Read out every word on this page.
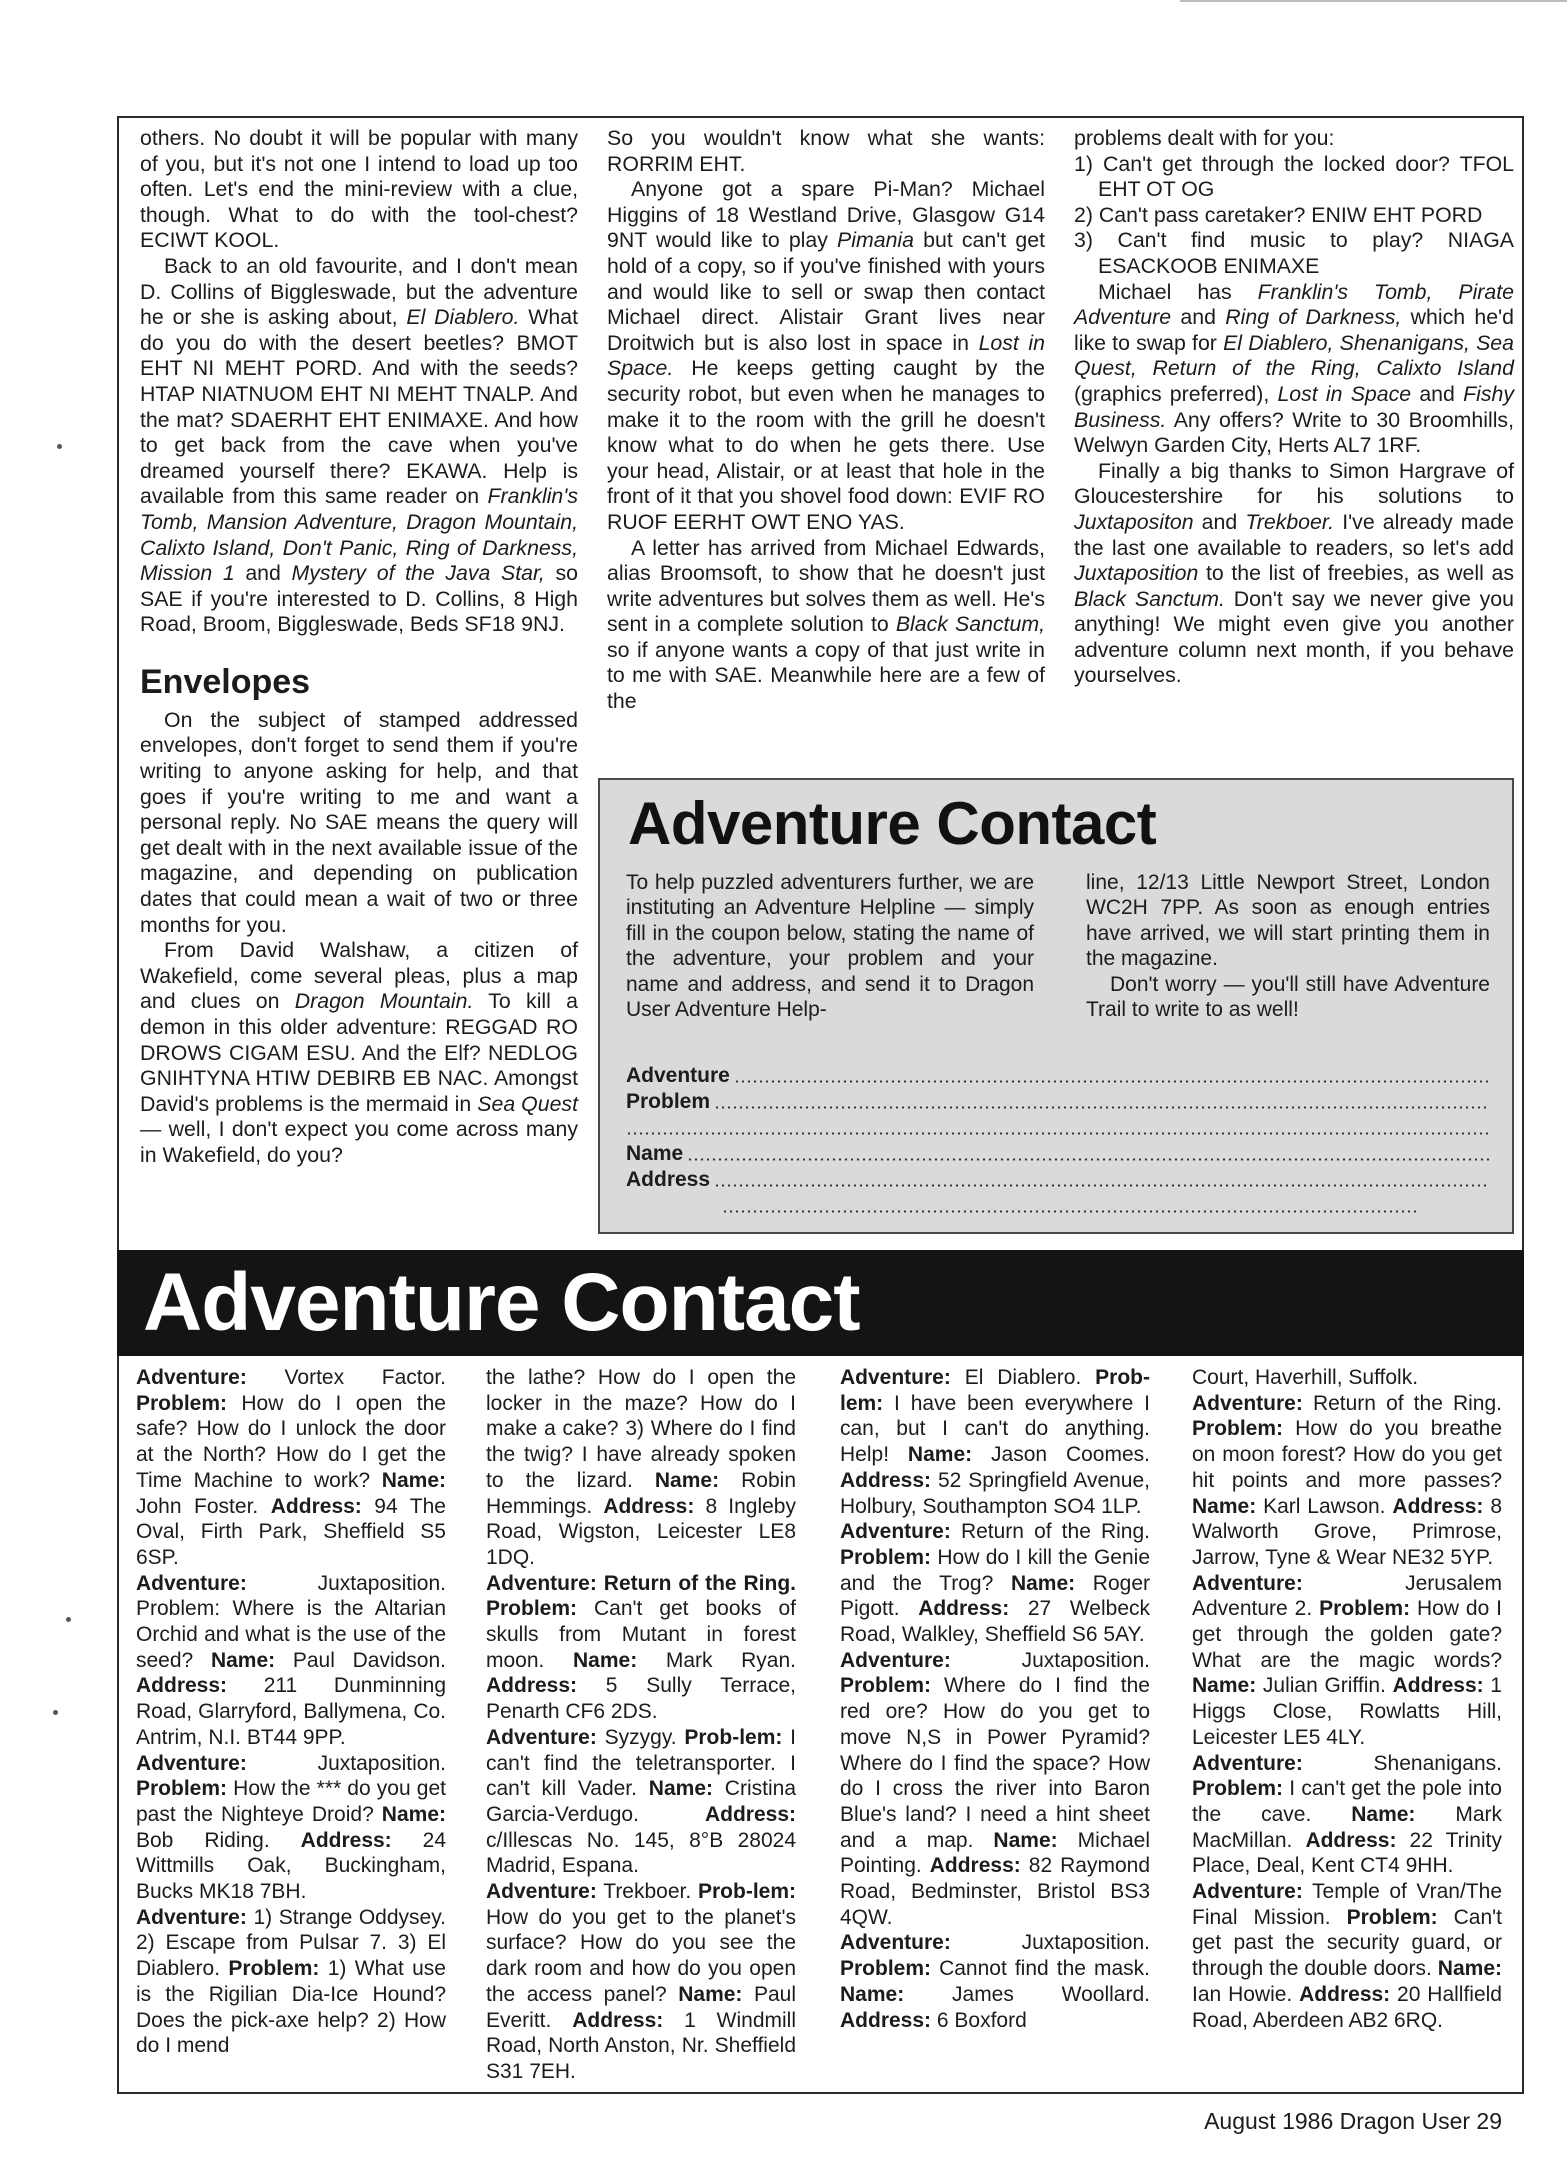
others. No doubt it will be popular with many of you, but it's not one I intend to load up too often. Let's end the mini-review with a clue, though. What to do with the tool-chest? ECIWT KOOL.

Back to an old favourite, and I don't mean D. Collins of Biggleswade, but the adventure he or she is asking about, El Diablero. What do you do with the desert beetles? BMOT EHT NI MEHT PORD. And with the seeds? HTAP NIATNUOM EHT NI MEHT TNALP. And the mat? SDAERHT EHT ENIMAXE. And how to get back from the cave when you've dreamed yourself there? EKAWA. Help is available from this same reader on Franklin's Tomb, Mansion Adventure, Dragon Mountain, Calixto Island, Don't Panic, Ring of Darkness, Mission 1 and Mystery of the Java Star, so SAE if you're interested to D. Collins, 8 High Road, Broom, Biggleswade, Beds SF18 9NJ.

Envelopes

On the subject of stamped addressed envelopes, don't forget to send them if you're writing to anyone asking for help, and that goes if you're writing to me and want a personal reply. No SAE means the query will get dealt with in the next available issue of the magazine, and depending on publication dates that could mean a wait of two or three months for you.

From David Walshaw, a citizen of Wakefield, come several pleas, plus a map and clues on Dragon Mountain. To kill a demon in this older adventure: REGGAD RO DROWS CIGAM ESU. And the Elf? NEDLOG GNIHTYNA HTIW DEBIRB EB NAC. Amongst David's problems is the mermaid in Sea Quest — well, I don't expect you come across many in Wakefield, do you?

So you wouldn't know what she wants: RORRIM EHT.

Anyone got a spare Pi-Man? Michael Higgins of 18 Westland Drive, Glasgow G14 9NT would like to play Pimania but can't get hold of a copy, so if you've finished with yours and would like to sell or swap then contact Michael direct. Alistair Grant lives near Droitwich but is also lost in space in Lost in Space. He keeps getting caught by the security robot, but even when he manages to make it to the room with the grill he doesn't know what to do when he gets there. Use your head, Alistair, or at least that hole in the front of it that you shovel food down: EVIF RO RUOF EERHT OWT ENO YAS.

A letter has arrived from Michael Edwards, alias Broomsoft, to show that he doesn't just write adventures but solves them as well. He's sent in a complete solution to Black Sanctum, so if anyone wants a copy of that just write in to me with SAE. Meanwhile here are a few of the

problems dealt with for you:

1) Can't get through the locked door? TFOL EHT OT OG

2) Can't pass caretaker? ENIW EHT PORD

3) Can't find music to play? NIAGA ESACKOOB ENIMAXE

Michael has Franklin's Tomb, Pirate Adventure and Ring of Darkness, which he'd like to swap for El Diablero, Shenanigans, Sea Quest, Return of the Ring, Calixto Island (graphics preferred), Lost in Space and Fishy Business. Any offers? Write to 30 Broomhills, Welwyn Garden City, Herts AL7 1RF.

Finally a big thanks to Simon Hargrave of Gloucestershire for his solutions to Juxtapositon and Trekboer. I've already made the last one available to readers, so let's add Juxtaposition to the list of freebies, as well as Black Sanctum. Don't say we never give you anything! We might even give you another adventure column next month, if you behave yourselves.

Adventure Contact

To help puzzled adventurers further, we are instituting an Adventure Helpline — simply fill in the coupon below, stating the name of the adventure, your problem and your name and address, and send it to Dragon User Adventure Help-

line, 12/13 Little Newport Street, London WC2H 7PP. As soon as enough entries have arrived, we will start printing them in the magazine.

Don't worry — you'll still have Adventure Trail to write to as well!

Adventure
Problem
Name
Address
Adventure Contact

Adventure: Vortex Factor. Problem: How do I open the safe? How do I unlock the door at the North? How do I get the Time Machine to work? Name: John Foster. Address: 94 The Oval, Firth Park, Sheffield S5 6SP.

Adventure: Juxtaposition. Problem: Where is the Altarian Orchid and what is the use of the seed? Name: Paul Davidson. Address: 211 Dunminning Road, Glarryford, Ballymena, Co. Antrim, N.I. BT44 9PP.

Adventure: Juxtaposition. Problem: How the *** do you get past the Nighteye Droid? Name: Bob Riding. Address: 24 Wittmills Oak, Buckingham, Bucks MK18 7BH.

Adventure: 1) Strange Oddysey. 2) Escape from Pulsar 7. 3) El Diablero. Problem: 1) What use is the Rigilian Dia-Ice Hound? Does the pick-axe help? 2) How do I mend

the lathe? How do I open the locker in the maze? How do I make a cake? 3) Where do I find the twig? I have already spoken to the lizard. Name: Robin Hemmings. Address: 8 Ingleby Road, Wigston, Leicester LE8 1DQ.

Adventure: Return of the Ring. Problem: Can't get books of skulls from Mutant in forest moon. Name: Mark Ryan. Address: 5 Sully Terrace, Penarth CF6 2DS.

Adventure: Syzygy. Prob-lem: I can't find the teletransporter. I can't kill Vader. Name: Cristina Garcia-Verdugo. Address: c/Illescas No. 145, 8°B 28024 Madrid, Espana.

Adventure: Trekboer. Prob-lem: How do you get to the planet's surface? How do you see the dark room and how do you open the access panel? Name: Paul Everitt. Address: 1 Windmill Road, North Anston, Nr. Sheffield S31 7EH.

Adventure: El Diablero. Prob-lem: I have been everywhere I can, but I can't do anything. Help! Name: Jason Coomes. Address: 52 Springfield Avenue, Holbury, Southampton SO4 1LP.

Adventure: Return of the Ring. Problem: How do I kill the Genie and the Trog? Name: Roger Pigott. Address: 27 Welbeck Road, Walkley, Sheffield S6 5AY.

Adventure: Juxtaposition. Problem: Where do I find the red ore? How do you get to move N,S in Power Pyramid? Where do I find the space? How do I cross the river into Baron Blue's land? I need a hint sheet and a map. Name: Michael Pointing. Address: 82 Raymond Road, Bedminster, Bristol BS3 4QW.

Adventure: Juxtaposition. Problem: Cannot find the mask. Name: James Woollard. Address: 6 Boxford

Court, Haverhill, Suffolk.

Adventure: Return of the Ring. Problem: How do you breathe on moon forest? How do you get hit points and more passes? Name: Karl Lawson. Address: 8 Walworth Grove, Primrose, Jarrow, Tyne & Wear NE32 5YP.

Adventure: Jerusalem Adventure 2. Problem: How do I get through the golden gate? What are the magic words? Name: Julian Griffin. Address: 1 Higgs Close, Rowlatts Hill, Leicester LE5 4LY.

Adventure: Shenanigans. Problem: I can't get the pole into the cave. Name: Mark MacMillan. Address: 22 Trinity Place, Deal, Kent CT4 9HH.

Adventure: Temple of Vran/The Final Mission. Problem: Can't get past the security guard, or through the double doors. Name: Ian Howie. Address: 20 Hallfield Road, Aberdeen AB2 6RQ.

August 1986 Dragon User 29
